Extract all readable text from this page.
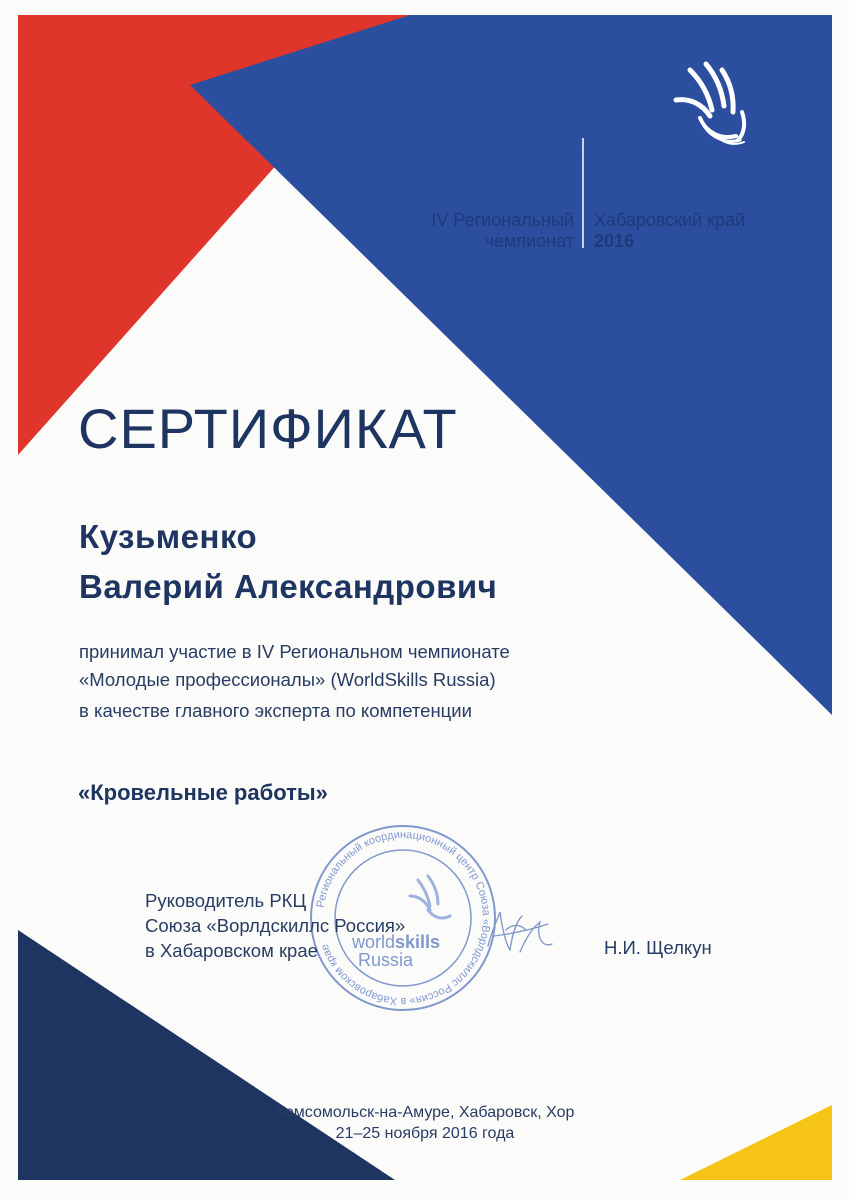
Региональный координационный центр Союза «Ворлдскиллс Россия» в Хабаровском крае	worldskills
Russia
молодые
профессионалы
IV Региональный
чемпионат
worldskills
Russia
Хабаровский край
2016
СЕРТИФИКАТ
Кузьменко
Валерий Александрович
принимал участие в IV Региональном чемпионате
«Молодые профессионалы» (WorldSkills Russia)
в качестве главного эксперта по компетенции
«Кровельные работы»
Руководитель РКЦ
Союза «Ворлдскиллс Россия»
в Хабаровском крае	Н.И. Щелкун
Комсомольск-на-Амуре, Хабаровск, Хор
21–25 ноября 2016 года
